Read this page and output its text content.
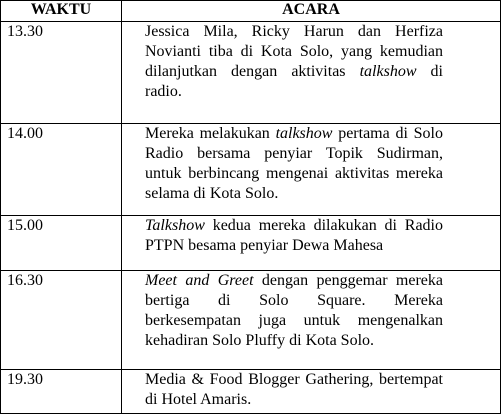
WAKTU	ACARA
13.30	Jessica Mila, Ricky Harun dan Herfiza Novianti tiba di Kota Solo, yang kemudian dilanjutkan dengan aktivitas talkshow di radio.

14.00	Mereka melakukan talkshow pertama di Solo Radio bersama penyiar Topik Sudirman, untuk berbincang mengenai aktivitas mereka selama di Kota Solo.

15.00	Talkshow kedua mereka dilakukan di Radio PTPN besama penyiar Dewa Mahesa

16.30	Meet and Greet dengan penggemar mereka bertiga di Solo Square. Mereka berkesempatan juga untuk mengenalkan kehadiran Solo Pluffy di Kota Solo.

19.30	Media & Food Blogger Gathering, bertempat di Hotel Amaris.
